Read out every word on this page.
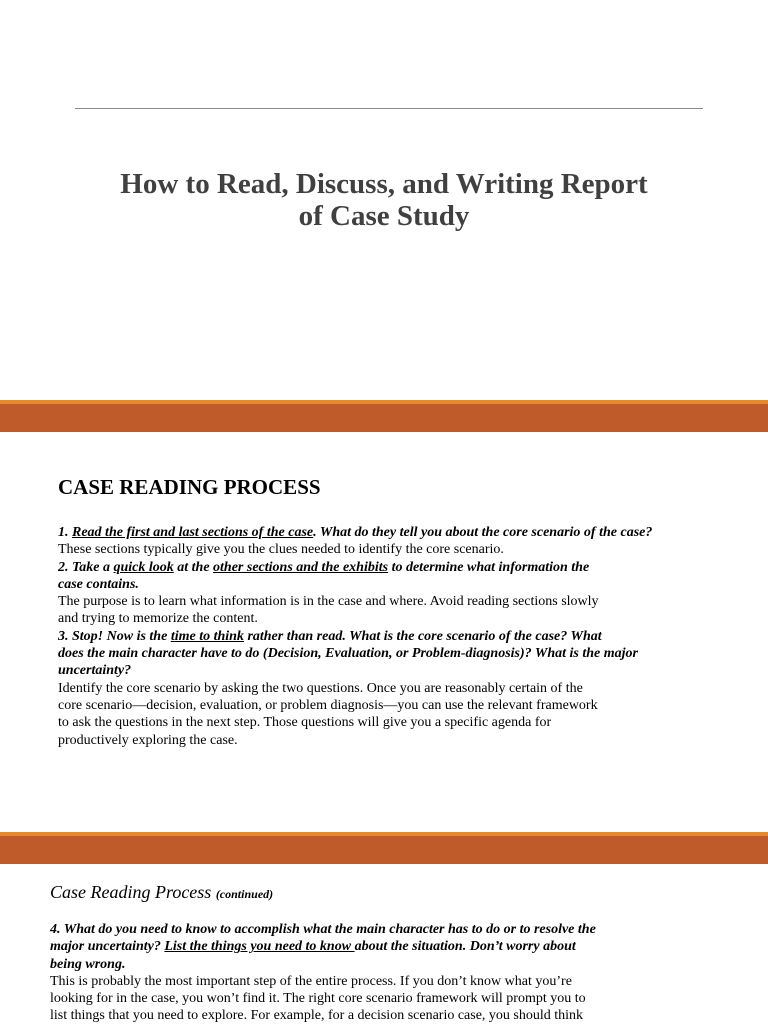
How to Read, Discuss, and Writing Report
of Case Study
CASE READING PROCESS

1. Read the first and last sections of the case. What do they tell you about the core scenario of the case?

These sections typically give you the clues needed to identify the core scenario.

2. Take a quick look at the other sections and the exhibits to determine what information the

case contains.

The purpose is to learn what information is in the case and where. Avoid reading sections slowly

and trying to memorize the content.

3. Stop! Now is the time to think rather than read. What is the core scenario of the case? What

does the main character have to do (Decision, Evaluation, or Problem-diagnosis)? What is the major

uncertainty?

Identify the core scenario by asking the two questions. Once you are reasonably certain of the

core scenario—decision, evaluation, or problem diagnosis—you can use the relevant framework

to ask the questions in the next step. Those questions will give you a specific agenda for

productively exploring the case.

Case Reading Process (continued)

4. What do you need to know to accomplish what the main character has to do or to resolve the

major uncertainty? List the things you need to know about the situation. Don’t worry about

being wrong.

This is probably the most important step of the entire process. If you don’t know what you’re

looking for in the case, you won’t find it. The right core scenario framework will prompt you to

list things that you need to explore. For example, for a decision scenario case, you should think
